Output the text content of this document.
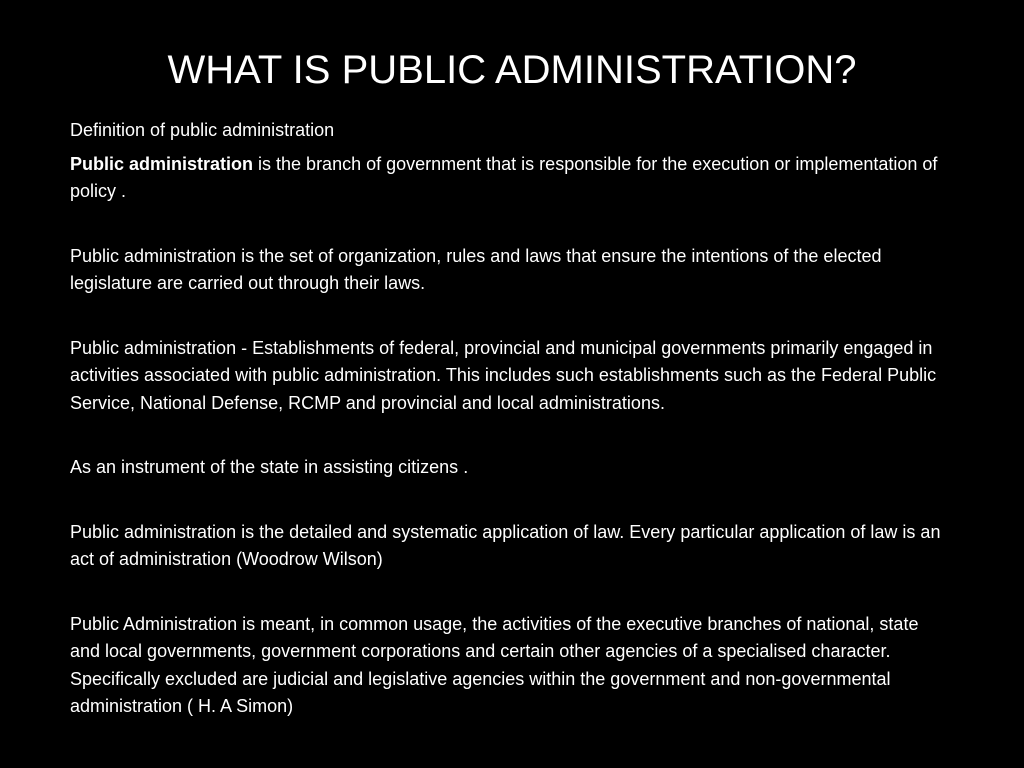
WHAT IS PUBLIC ADMINISTRATION?

Definition of public administration

Public administration is the branch of government that is responsible for the execution or implementation of policy .

Public administration is the set of organization, rules and laws that ensure the intentions of the elected legislature are carried out through their laws.

Public administration - Establishments of federal, provincial and municipal governments primarily engaged in activities associated with public administration. This includes such establishments such as the Federal Public Service, National Defense, RCMP and provincial and local administrations.

As an instrument of the state in assisting citizens .

Public administration is the detailed and systematic application of law. Every particular application of law is an act of administration (Woodrow Wilson)

Public Administration is meant, in common usage, the activities of the executive branches of national, state and local governments, government corporations and certain other agencies of a specialised character. Specifically excluded are judicial and legislative agencies within the government and non-governmental administration ( H. A Simon)
